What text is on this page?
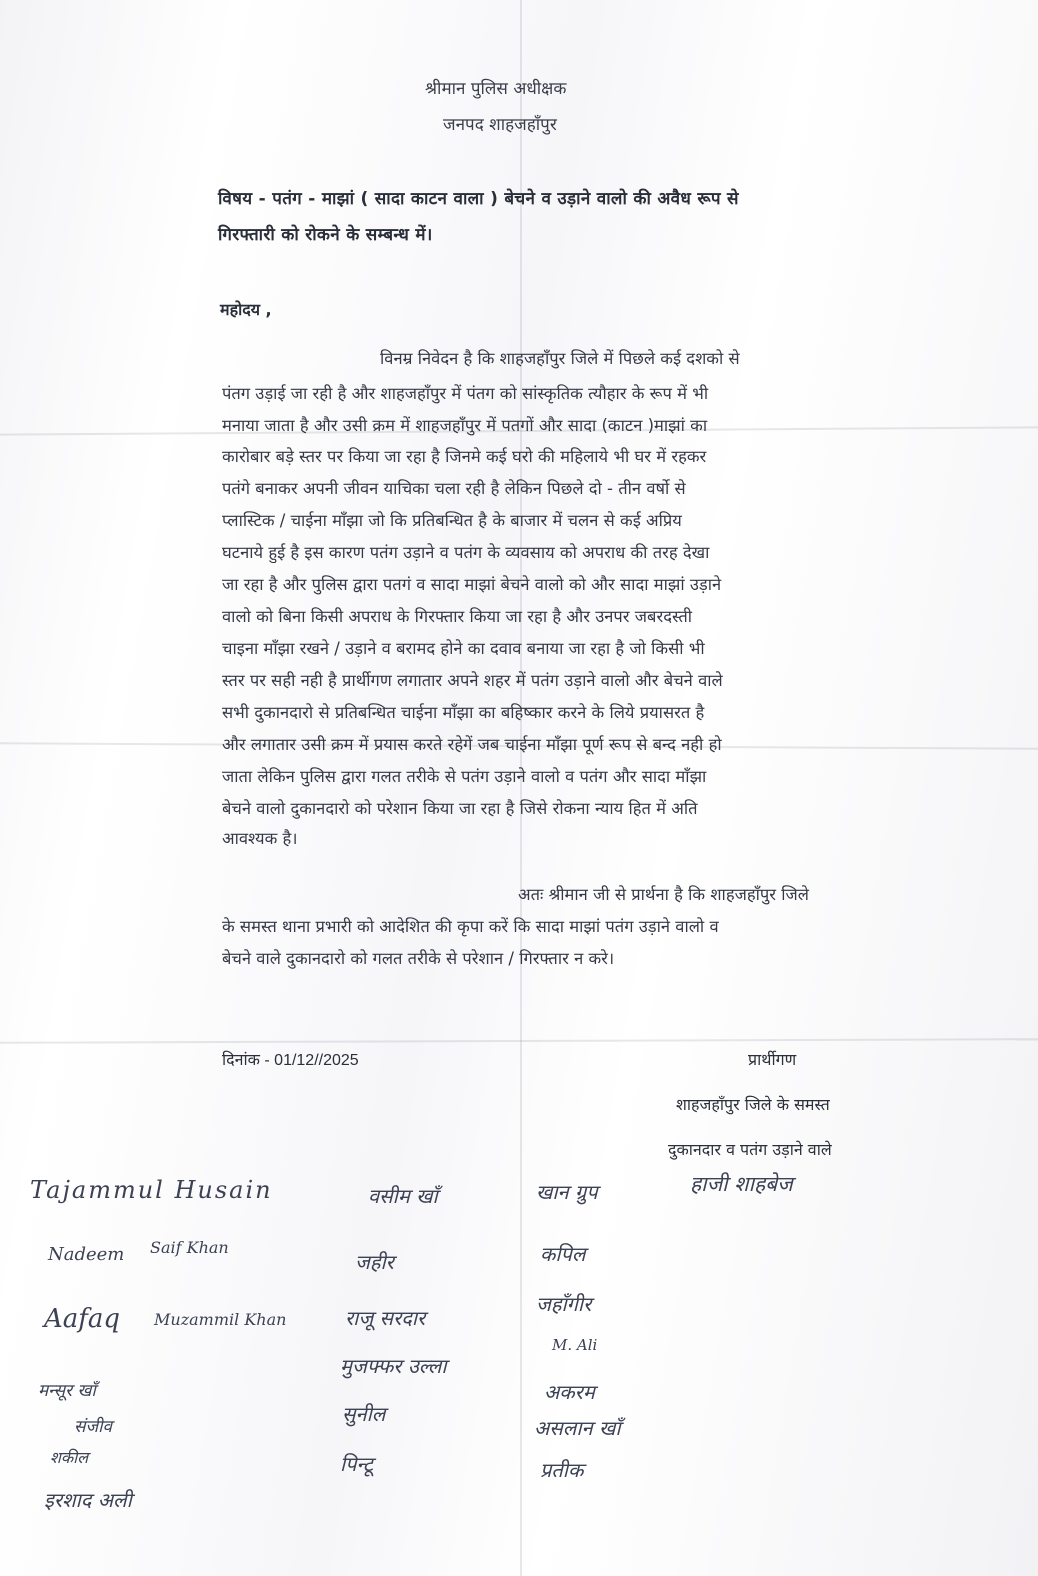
श्रीमान पुलिस अधीक्षक
जनपद शाहजहाँपुर
विषय - पतंग - माझां ( सादा काटन वाला ) बेचने व उड़ाने वालो की अवैध रूप से
गिरफ्तारी को रोकने के सम्बन्ध में।
महोदय ,
विनम्र निवेदन है कि शाहजहाँपुर जिले में पिछले कई दशको से
पंतग उड़ाई जा रही है और शाहजहाँपुर में पंतग को सांस्कृतिक त्यौहार के रूप में भी
मनाया जाता है और उसी क्रम में शाहजहाँपुर में पतगों और सादा (काटन )माझां का
कारोबार बड़े स्तर पर किया जा रहा है जिनमे कई घरो की महिलाये भी घर में रहकर
पतंगे बनाकर अपनी जीवन याचिका चला रही है लेकिन पिछले दो - तीन वर्षो से
प्लास्टिक / चाईना माँझा जो कि प्रतिबन्धित है के बाजार में चलन से कई अप्रिय
घटनाये हुई है इस कारण पतंग उड़ाने व पतंग के व्यवसाय को अपराध की तरह देखा
जा रहा है और पुलिस द्वारा पतगं व सादा माझां बेचने वालो को और सादा माझां उड़ाने
वालो को बिना किसी अपराध के गिरफ्तार किया जा रहा है और उनपर जबरदस्ती
चाइना माँझा रखने / उड़ाने व बरामद होने का दवाव बनाया जा रहा है जो किसी भी
स्तर पर सही नही है प्रार्थीगण लगातार अपने शहर में पतंग उड़ाने वालो और बेचने वाले
सभी दुकानदारो से प्रतिबन्धित चाईना माँझा का बहिष्कार करने के लिये प्रयासरत है
और लगातार उसी क्रम में प्रयास करते रहेगें जब चाईना माँझा पूर्ण रूप से बन्द नही हो
जाता लेकिन पुलिस द्वारा गलत तरीके से पतंग उड़ाने वालो व पतंग और सादा माँझा
बेचने वालो दुकानदारो को परेशान किया जा रहा है जिसे रोकना न्याय हित में अति
आवश्यक है।
अतः श्रीमान जी से प्रार्थना है कि शाहजहाँपुर जिले
के समस्त थाना प्रभारी को आदेशित की कृपा करें कि सादा माझां पतंग उड़ाने वालो व
बेचने वाले दुकानदारो को गलत तरीके से परेशान / गिरफ्तार न करे।
दिनांक - 01/12//2025	प्रार्थीगण
शाहजहाँपुर जिले के समस्त
दुकानदार व पतंग उड़ाने वाले
Tajammul Husain	वसीम खाँ	खान ग्रुप	हाजी शाहबेज
Nadeem Saif Khan
जहीर	कपिल
Aafaq Muzammil Khan	राजू सरदार
जहाँगीर
मुजफ्फर उल्ला
M. Ali
मन्सूर खाँ	अकरम
संजीव
सुनील
असलान खाँ
शकील	पिन्टू	प्रतीक
इरशाद अली
